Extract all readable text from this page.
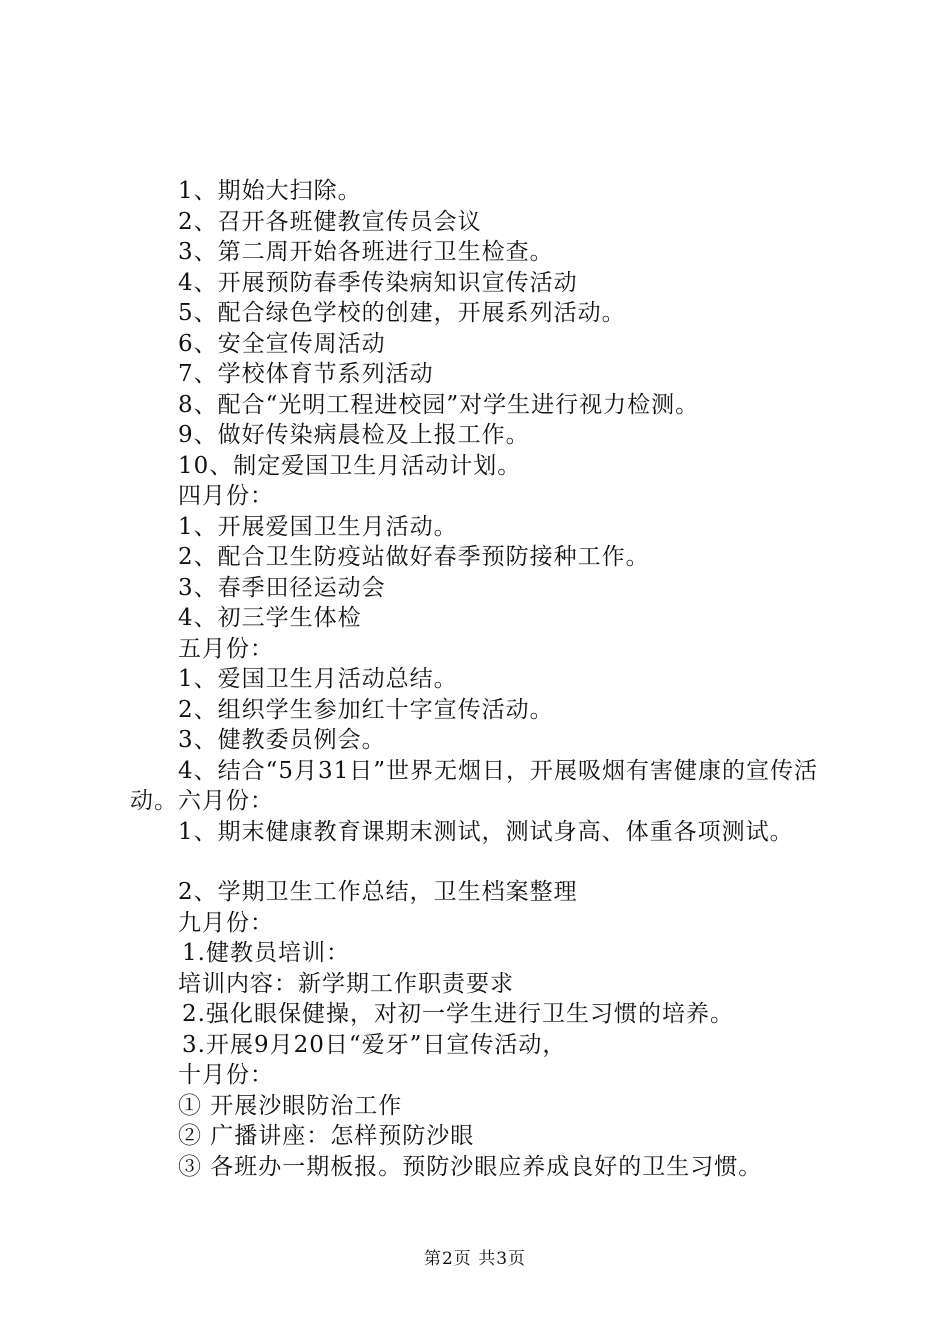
1、期始大扫除。
2、召开各班健教宣传员会议
3、第二周开始各班进行卫生检查。
4、开展预防春季传染病知识宣传活动
5、配合绿色学校的创建，开展系列活动。
6、安全宣传周活动
7、学校体育节系列活动
8、配合“光明工程进校园”对学生进行视力检测。
9、做好传染病晨检及上报工作。
10、制定爱国卫生月活动计划。
四月份：
1、开展爱国卫生月活动。
2、配合卫生防疫站做好春季预防接种工作。
3、春季田径运动会
4、初三学生体检
五月份：
1、爱国卫生月活动总结。
2、组织学生参加红十字宣传活动。
3、健教委员例会。
4、结合“5月31日”世界无烟日，开展吸烟有害健康的宣传活动。六月份：
1、期末健康教育课期末测试，测试身高、体重各项测试。
2、学期卫生工作总结，卫生档案整理
九月份：
1.健教员培训：
培训内容：新学期工作职责要求
2.强化眼保健操，对初一学生进行卫生习惯的培养。
3.开展9月20日“爱牙”日宣传活动，
十月份：
① 开展沙眼防治工作
② 广播讲座：怎样预防沙眼
③ 各班办一期板报。预防沙眼应养成良好的卫生习惯。
第2页 共3页
